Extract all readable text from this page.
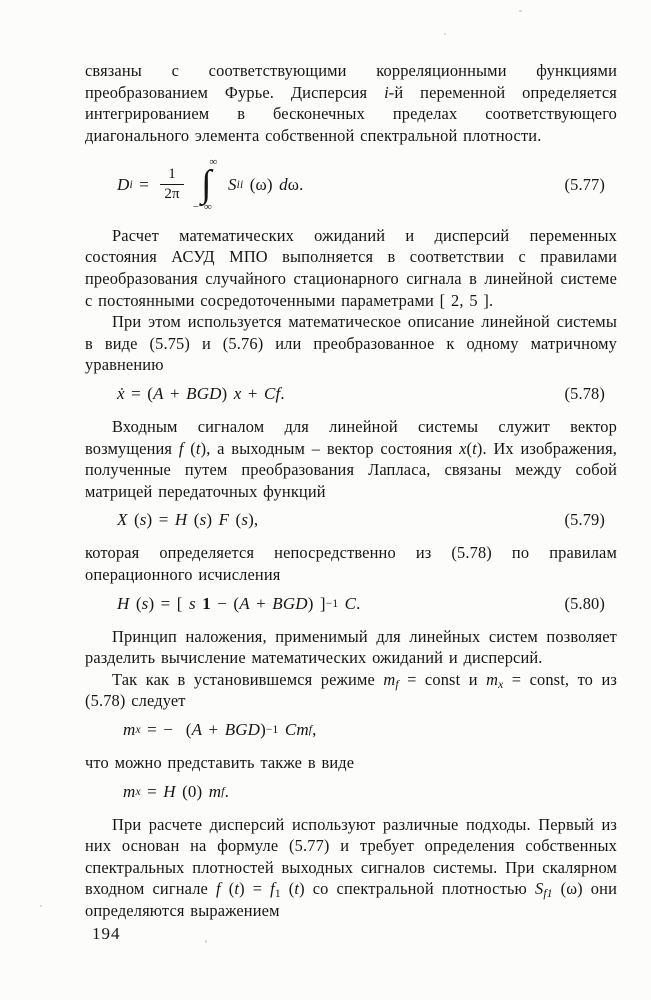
связаны с соответствующими корреляционными функциями преобразованием Фурье. Дисперсия i-й переменной определяется интегрированием в бесконечных пределах соответствующего диагонального элемента собственной спектральной плотности.

D $i = \frac{1}{2\pi}$
∞
∫
− ∞
S ii (ω) d ω.	(5.77)

Расчет математических ожиданий и дисперсий переменных состояния АСУД МПО выполняется в соответствии с правилами преобразования случайного стационарного сигнала в линейной системе с постоянными сосредоточенными параметрами [ 2, 5 ].

При этом используется математическое описание линейной системы в виде (5.75) и (5.76) или преобразованное к одному матричному уравнению

ẋ = ( A + BGD ) x + Cf .	(5.78)

Входным сигналом для линейной системы служит вектор возмущения f (t), а выходным – вектор состояния x(t). Их изображения, полученные путем преобразования Лапласа, связаны между собой матрицей передаточных функций

X ( s ) = H ( s ) F ( s ),	(5.79)

которая определяется непосредственно из (5.78) по правилам операционного исчисления

H ( s ) = [ s
1 − ( A + BGD ) ] −1
C .	(5.80)

Принцип наложения, применимый для линейных систем позволяет разделить вычисление математических ожиданий и дисперсий.

Так как в установившемся режиме $m_f$ = const и $m_x$ = const, то из (5.78) следует

m x = −  ( A + BGD ) −1
C m f ,

что можно представить также в виде

m x = H (0) m f .

При расчете дисперсий используют различные подходы. Первый из них основан на формуле (5.77) и требует определения собственных спектральных плотностей выходных сигналов системы. При скалярном входном сигнале f $(t) = f_1$ (t) со спектральной плотностью $S_{f1}$ (ω) они определяются выражением

194
